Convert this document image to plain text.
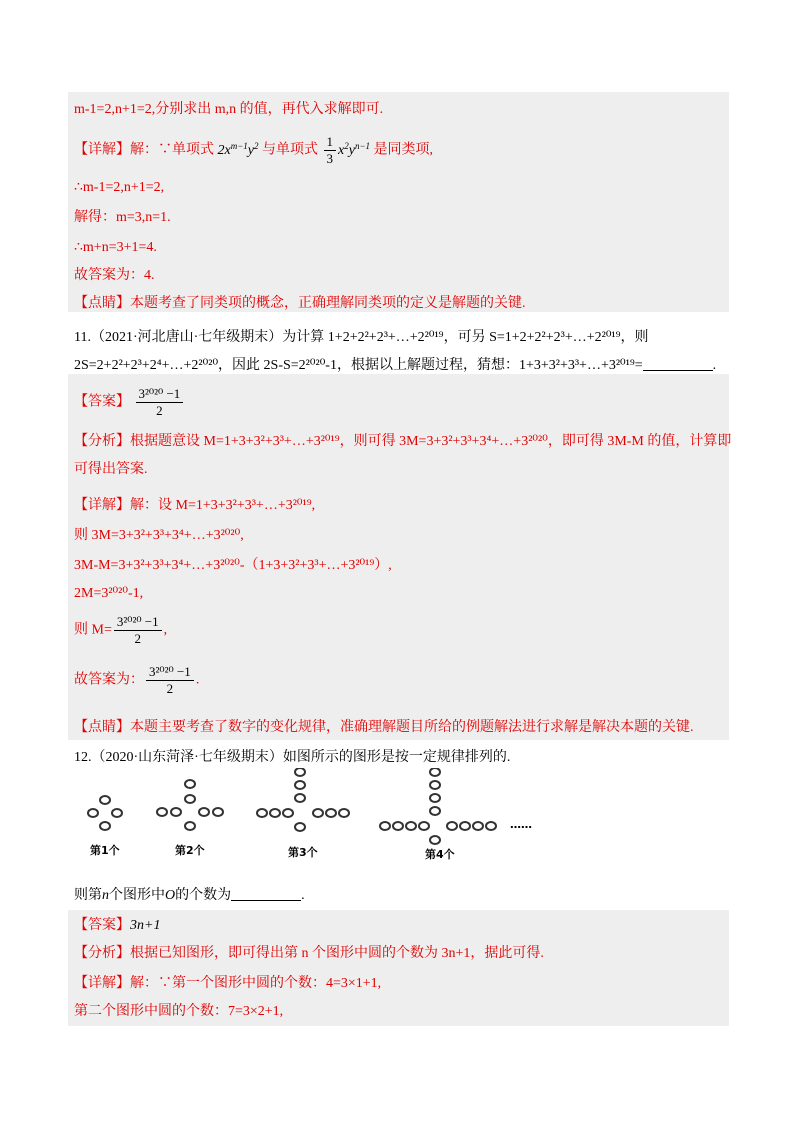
m-1=2,n+1=2,分别求出 m,n 的值，再代入求解即可.
【详解】解：∵单项式 $2x^{m-1}y^2$ 与单项式 $\frac{1}{3} x^2y^{n-1}$ 是同类项,
∴m-1=2,n+1=2,
解得：m=3,n=1.
∴m+n=3+1=4.
故答案为：4.
【点睛】本题考查了同类项的概念，正确理解同类项的定义是解题的关键.
11.（2021·河北唐山·七年级期末）为计算 1+2+2²+2³+…+2²⁰¹⁹，可另 S=1+2+2²+2³+…+2²⁰¹⁹，则
2S=2+2²+2³+2⁴+…+2²⁰²⁰，因此 2S-S=2²⁰²⁰-1，根据以上解题过程，猜想：1+3+3²+3³+…+3²⁰¹⁹=	.
【答案】 $\frac{\text{3²⁰²⁰ −1}}{2}$
【分析】根据题意设 M=1+3+3²+3³+…+3²⁰¹⁹，则可得 3M=3+3²+3³+3⁴+…+3²⁰²⁰，即可得 3M-M 的值，计算即
可得出答案.
【详解】解：设 M=1+3+3²+3³+…+3²⁰¹⁹,
则 3M=3+3²+3³+3⁴+…+3²⁰²⁰,
3M-M=3+3²+3³+3⁴+…+3²⁰²⁰-（1+3+3²+3³+…+3²⁰¹⁹）,
2M=3²⁰²⁰-1,
则 $M= \frac{\text{3²⁰²⁰ −1}}{2}$ ,
故答案为： $\frac{\text{3²⁰²⁰ −1}}{2}$ .
【点睛】本题主要考查了数字的变化规律，准确理解题目所给的例题解法进行求解是解决本题的关键.
12.（2020·山东菏泽·七年级期末）如图所示的图形是按一定规律排列的.
第1个	第2个	第3个	第4个
……
则第n个图形中O的个数为	.
【答案】3n+1
【分析】根据已知图形，即可得出第 n 个图形中圆的个数为 3n+1，据此可得.
【详解】解：∵第一个图形中圆的个数：4=3×1+1,
第二个图形中圆的个数：7=3×2+1,
